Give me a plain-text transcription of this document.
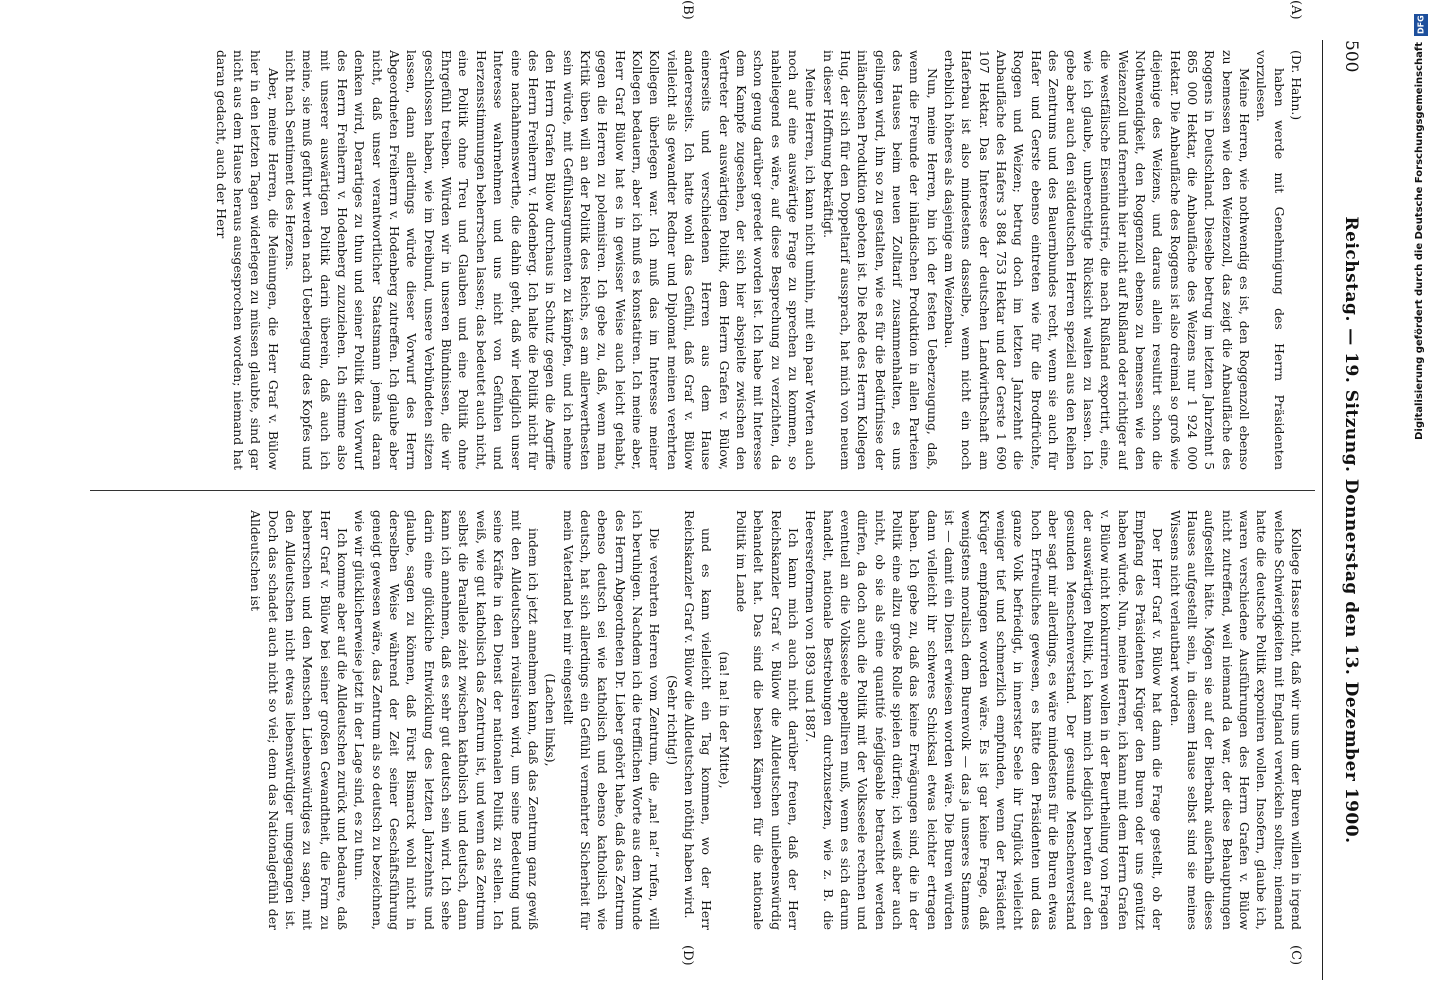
500
Reichstag. — 19. Sitzung. Donnerstag den 13. Dezember 1900.

(Dr. Hahn.)

haben werde mit Genehmigung des Herrn Präsidenten vorzulesen.

Meine Herren, wie nothwendig es ist, den Roggenzoll ebenso zu bemessen wie den Weizenzoll, das zeigt die Anbaufläche des Roggens in Deutschland. Dieselbe betrug im letzten Jahrzehnt 5 865 000 Hektar, die Anbaufläche des Weizens nur 1 924 000 Hektar. Die Anbaufläche des Roggens ist also dreimal so groß wie diejenige des Weizens, und daraus allein resultirt schon die Nothwendigkeit, den Roggenzoll ebenso zu bemessen wie den Weizenzoll und fernerhin hier nicht auf Rußland oder richtiger auf die westfälische Eisenindustrie, die nach Rußland exportirt, eine, wie ich glaube, unberechtigte Rücksicht walten zu lassen. Ich gebe aber auch den süddeutschen Herren speziell aus den Reihen des Zentrums und des Bauernbundes recht, wenn sie auch für Hafer und Gerste ebenso eintreten wie für die Brodfrüchte, Roggen und Weizen; betrug doch im letzten Jahrzehnt die Anbaufläche des Hafers 3 884 753 Hektar und der Gerste 1 690 107 Hektar. Das Interesse der deutschen Landwirthschaft am Haferbau ist also mindestens dasselbe, wenn nicht ein noch erheblich höheres als dasjenige am Weizenbau.

Nun, meine Herren, bin ich der festen Ueberzeugung, daß, wenn die Freunde der inländischen Produktion in allen Parteien des Hauses beim neuen Zolltarif zusammenhalten, es uns gelingen wird, ihn so zu gestalten, wie es für die Bedürfnisse der inländischen Produktion geboten ist. Die Rede des Herrn Kollegen Hug, der sich für den Doppeltarif aussprach, hat mich von neuem in dieser Hoffnung bekräftigt.

Meine Herren, ich kann nicht umhin, mit ein paar Worten auch noch auf eine auswärtige Frage zu sprechen zu kommen, so naheliegend es wäre, auf diese Besprechung zu verzichten, da schon genug darüber geredet worden ist. Ich habe mit Interesse dem Kampfe zugesehen, der sich hier abspielte zwischen den Vertreter der auswärtigen Politik, dem Herrn Grafen v. Bülow, einerseits und verschiedenen Herren aus dem Hause andererseits. Ich hatte wohl das Gefühl, daß Graf v. Bülow vielleicht als gewandter Redner und Diplomat meinen verehrten Kollegen überlegen war. Ich muß das im Interesse meiner Kollegen bedauern, aber ich muß es konstatiren. Ich meine aber, Herr Graf Bülow hat es in gewisser Weise auch leicht gehabt, gegen die Herren zu polemisiren. Ich gebe zu, daß, wenn man Kritik üben will an der Politik des Reichs, es am allerwerthesten sein würde, mit Gefühlsargumenten zu kämpfen, und ich nehme den Herrn Grafen Bülow durchaus in Schutz gegen die Angriffe des Herrn Freiherrn v. Hodenberg. Ich halte die Politik nicht für eine nachahmenswerthe, die dahin geht, daß wir lediglich unser Interesse wahrnehmen und uns nicht von Gefühlen und Herzensstimmungen beherrschen lassen; das bedeutet auch nicht, eine Politik ohne Treu und Glauben und eine Politik ohne Ehrgefühl treiben. Würden wir in unseren Bündnissen, die wir geschlossen haben, wie im Dreibund, unsere Verbündeten sitzen lassen, dann allerdings würde dieser Vorwurf des Herrn Abgeordneten Freiherrn v. Hodenberg zutreffen. Ich glaube aber nicht, daß unser verantwortlicher Staatsmann jemals daran denken wird, Derartiges zu thun und seiner Politik den Vorwurf des Herrn Freiherrn v. Hodenberg zuzuziehen. Ich stimme also mit unserer auswärtigen Politik darin überein, daß auch ich meine, sie muß geführt werden nach Ueberlegung des Kopfes und nicht nach Sentiment des Herzens.

Aber, meine Herren, die Meinungen, die Herr Graf v. Bülow hier in den letzten Tagen widerlegen zu müssen glaubte, sind gar nicht aus dem Hause heraus ausgesprochen worden; niemand hat daran gedacht, auch der Herr

Kollege Hasse nicht, daß wir uns um der Buren willen in irgend welche Schwierigkeiten mit England verwickeln sollten; niemand hatte die deutsche Politik exponiren wollen. Insofern, glaube ich, waren verschiedene Ausführungen des Herrn Grafen v. Bülow nicht zutreffend, weil niemand da war, der diese Behauptungen aufgestellt hätte. Mögen sie auf der Bierbank außerhalb dieses Hauses aufgestellt sein, in diesem Hause selbst sind sie meines Wissens nicht verlautbart worden.

Der Herr Graf v. Bülow hat dann die Frage gestellt, ob der Empfang des Präsidenten Krüger den Buren oder uns genützt haben würde. Nun, meine Herren, ich kann mit dem Herrn Grafen v. Bülow nicht konkurriren wollen in der Beurtheilung von Fragen der auswärtigen Politik, ich kann mich lediglich berufen auf den gesunden Menschenverstand. Der gesunde Menschenverstand aber sagt mir allerdings, es wäre mindestens für die Buren etwas hoch Erfreuliches gewesen, es hätte den Präsidenten und das ganze Volk befriedigt, in innerster Seele ihr Unglück vielleicht weniger tief und schmerzlich empfunden, wenn der Präsident Krüger empfangen worden wäre. Es ist gar keine Frage, daß wenigstens moralisch dem Burenvolk — das ja unseres Stammes ist — damit ein Dienst erwiesen worden wäre. Die Buren würden dann vielleicht ihr schweres Schicksal etwas leichter ertragen haben. Ich gebe zu, daß das keine Erwägungen sind, die in der Politik eine allzu große Rolle spielen dürfen; ich weiß aber auch nicht, ob sie als eine quantité négligeable betrachtet werden dürfen, da doch auch die Politik mit der Volksseele rechnen und eventuell an die Volksseele appelliren muß, wenn es sich darum handelt, nationale Bestrebungen durchzusetzen, wie z. B. die Heeresreformen von 1893 und 1887.

Ich kann mich auch nicht darüber freuen, daß der Herr Reichskanzler Graf v. Bülow die Alldeutschen unliebenswürdig behandelt hat. Das sind die besten Kämpen für die nationale Politik im Lande

(na! na! in der Mitte),

und es kann vielleicht ein Tag kommen, wo der Herr Reichskanzler Graf v. Bülow die Alldeutschen nöthig haben wird.

(Sehr richtig!)

Die verehrten Herren vom Zentrum, die „na! na!“ rufen, will ich beruhigen. Nachdem ich die trefflichen Worte aus dem Munde des Herrn Abgeordneten Dr. Lieber gehört habe, daß das Zentrum ebenso deutsch sei wie katholisch und ebenso katholisch wie deutsch, hat sich allerdings ein Gefühl vermehrter Sicherheit für mein Vaterland bei mir eingestellt

(Lachen links),

indem ich jetzt annehmen kann, daß das Zentrum ganz gewiß mit den Alldeutschen rivalisiren wird, um seine Bedeutung und seine Kräfte in den Dienst der nationalen Politik zu stellen. Ich weiß, wie gut katholisch das Zentrum ist, und wenn das Zentrum selbst die Parallele zieht zwischen katholisch und deutsch, dann kann ich annehmen, daß es sehr gut deutsch sein wird. Ich sehe darin eine glückliche Entwicklung des letzten Jahrzehnts und glaube, sagen zu können, daß Fürst Bismarck wohl nicht in derselben Weise während der Zeit seiner Geschäftsführung geneigt gewesen wäre, das Zentrum als so deutsch zu bezeichnen, wie wir glücklicherweise jetzt in der Lage sind, es zu thun.

Ich komme aber auf die Alldeutschen zurück und bedaure, daß Herr Graf v. Bülow bei seiner großen Gewandtheit, die Form zu beherrschen und den Menschen Liebenswürdiges zu sagen, mit den Alldeutschen nicht etwas liebenswürdiger umgegangen ist. Doch das schadet auch nicht so viel; denn das Nationalgefühl der Alldeutschen ist

(A)
(B)
(C)
(D)
DFG
Digitalisierung gefördert durch die Deutsche Forschungsgemeinschaft
